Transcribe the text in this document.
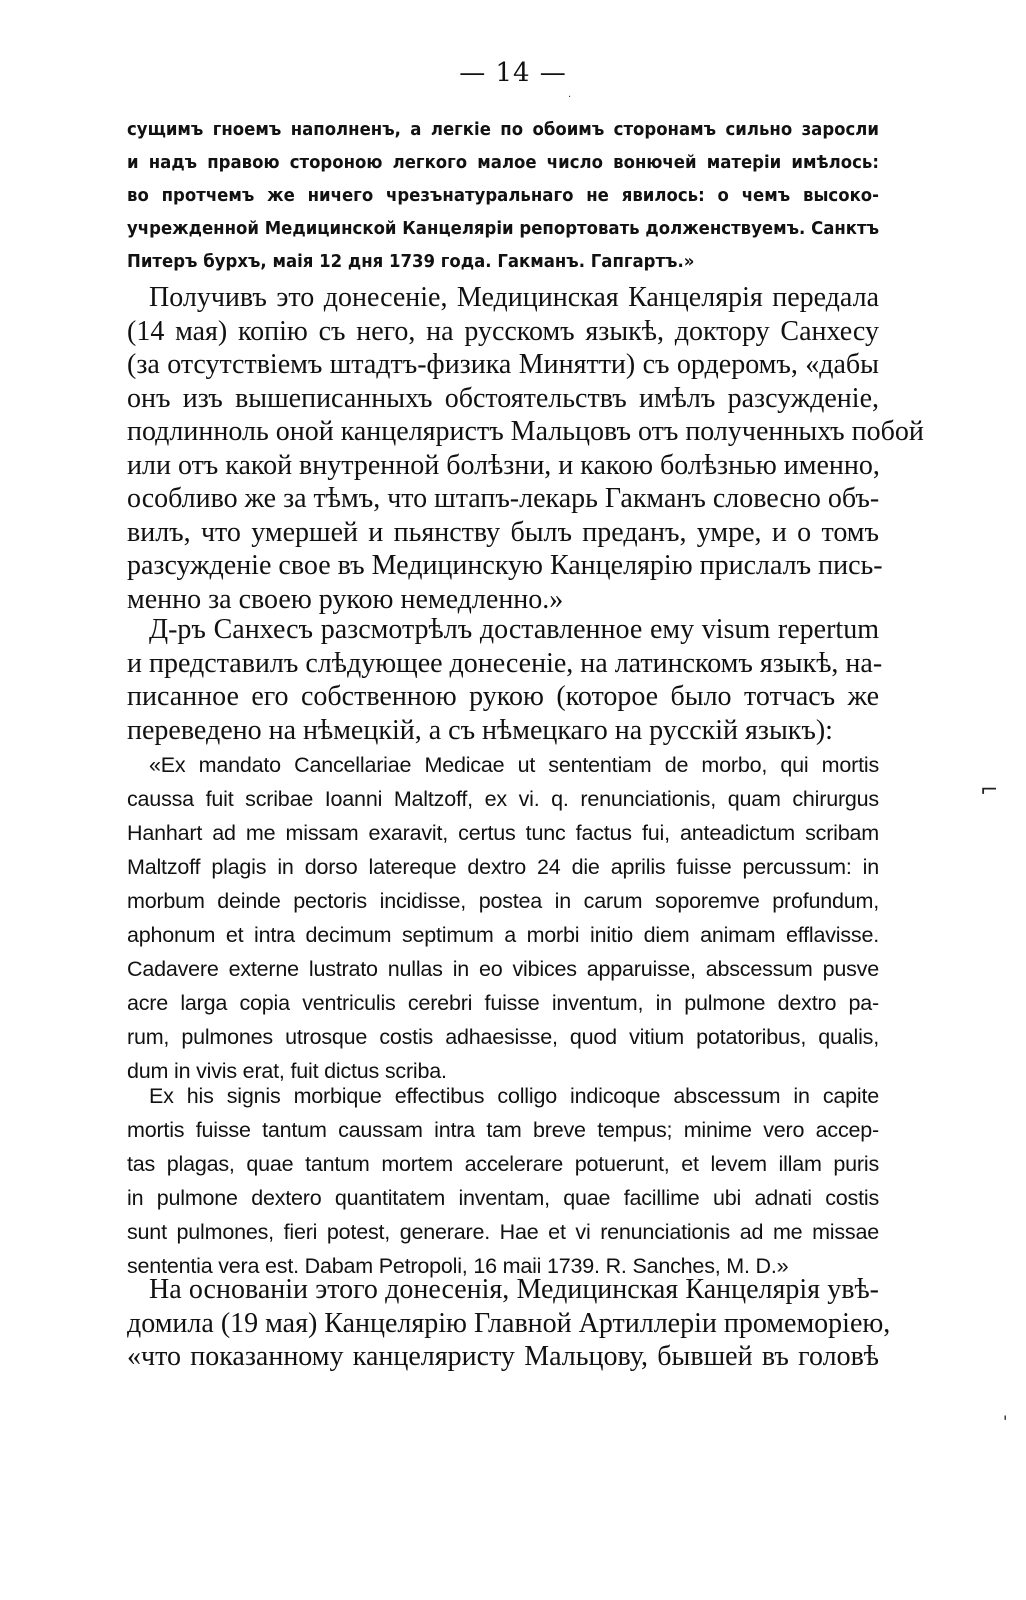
— 14 —
сущимъ гноемъ наполненъ, а легкіе по обоимъ сторонамъ сильно заросли
и надъ правою стороною легкого малое число вонючей матеріи имѣлось:
во протчемъ же ничего чрезънатуральнаго не явилось: о чемъ высоко-
учрежденной Медицинской Канцеляріи репортовать долженствуемъ. Санктъ
Питеръ бурхъ, маія 12 дня 1739 года. Гакманъ. Гапгартъ.»
Получивъ это донесеніе, Медицинская Канцелярія передала
(14 мая) копію съ него, на русскомъ языкѣ, доктору Санхесу
(за отсутствіемъ штадтъ-физика Минятти) съ ордеромъ, «дабы
онъ изъ вышеписанныхъ обстоятельствъ имѣлъ разсужденіе,
подлинноль оной канцеляристъ Мальцовъ отъ полученныхъ побой
или отъ какой внутренной болѣзни, и какою болѣзнью именно,
особливо же за тѣмъ, что штапъ-лекарь Гакманъ словесно объ-
вилъ, что умершей и пьянству былъ преданъ, умре, и о томъ
разсужденіе свое въ Медицинскую Канцелярію прислалъ пись-
менно за своею рукою немедленно.»
Д-ръ Санхесъ разсмотрѣлъ доставленное ему visum repertum
и представилъ слѣдующее донесеніе, на латинскомъ языкѣ, на-
писанное его собственною рукою (которое было тотчасъ же
переведено на нѣмецкій, а съ нѣмецкаго на русскій языкъ):
«Ex mandato Cancellariae Medicae ut sententiam de morbo, qui mortis
caussa fuit scribae Ioanni Maltzoff, ex vi. q. renunciationis, quam chirurgus
Hanhart ad me missam exaravit, certus tunc factus fui, anteadictum scribam
Maltzoff plagis in dorso latereque dextro 24 die aprilis fuisse percussum: in
morbum deinde pectoris incidisse, postea in carum soporemve profundum,
aphonum et intra decimum septimum a morbi initio diem animam efflavisse.
Cadavere externe lustrato nullas in eo vibices apparuisse, abscessum pusve
acre larga copia ventriculis cerebri fuisse inventum, in pulmone dextro pa-
rum, pulmones utrosque costis adhaesisse, quod vitium potatoribus, qualis,
dum in vivis erat, fuit dictus scriba.
Ex his signis morbique effectibus colligo indicoque abscessum in capite
mortis fuisse tantum caussam intra tam breve tempus; minime vero accep-
tas plagas, quae tantum mortem accelerare potuerunt, et levem illam puris
in pulmone dextero quantitatem inventam, quae facillime ubi adnati costis
sunt pulmones, fieri potest, generare. Hae et vi renunciationis ad me missae
sententia vera est. Dabam Petropoli, 16 maii 1739. R. Sanches, M. D.»
На основаніи этого донесенія, Медицинская Канцелярія увѣ-
домила (19 мая) Канцелярію Главной Артиллеріи промеморіею,
«что показанному канцеляристу Мальцову, бывшей въ головѣ
·
⌐
'
